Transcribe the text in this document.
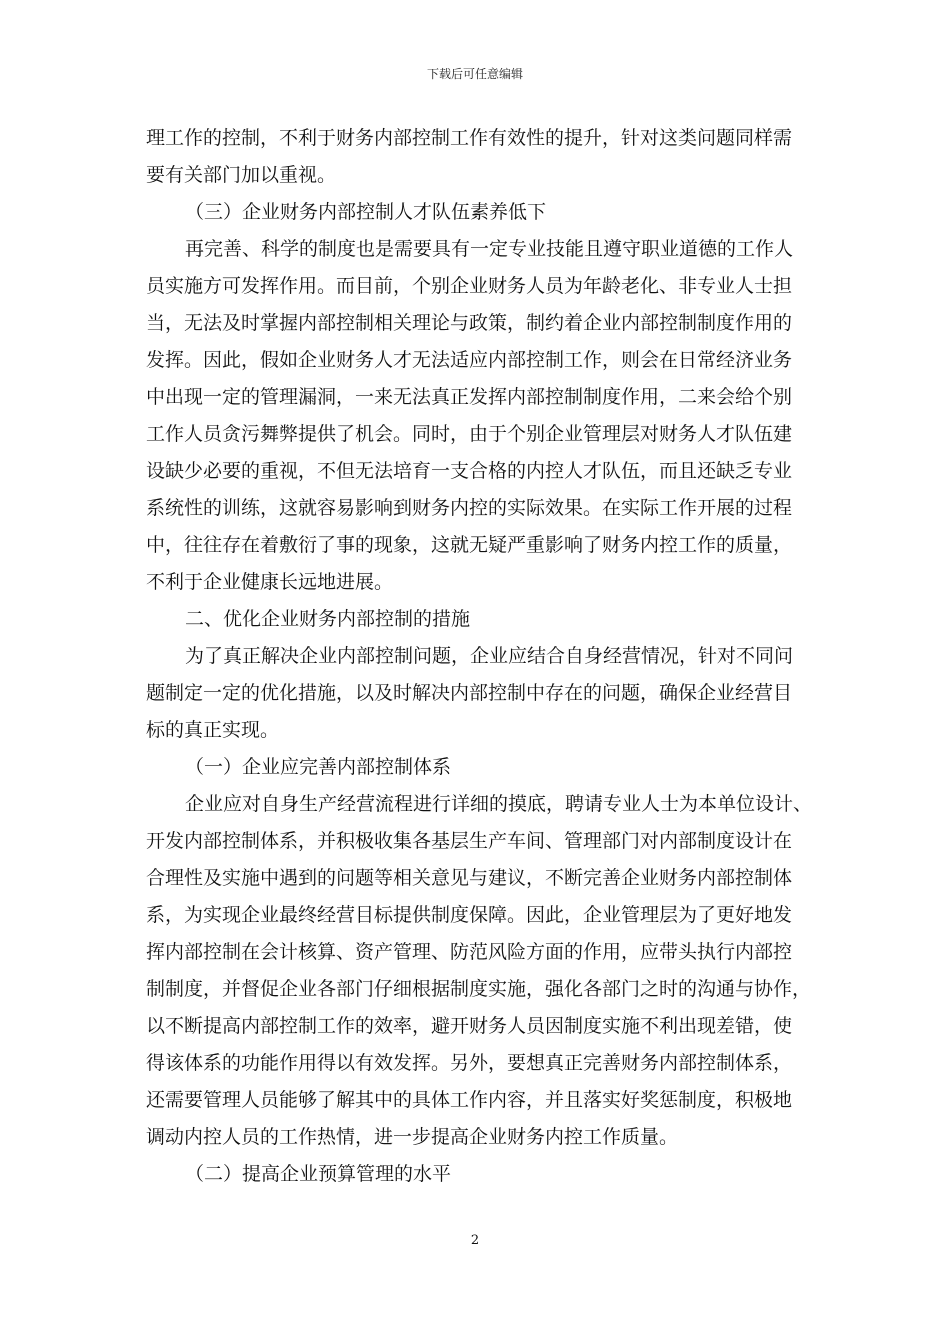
下载后可任意编辑
理工作的控制，不利于财务内部控制工作有效性的提升，针对这类问题同样需
要有关部门加以重视。
（三）企业财务内部控制人才队伍素养低下
再完善、科学的制度也是需要具有一定专业技能且遵守职业道德的工作人
员实施方可发挥作用。而目前，个别企业财务人员为年龄老化、非专业人士担
当，无法及时掌握内部控制相关理论与政策，制约着企业内部控制制度作用的
发挥。因此，假如企业财务人才无法适应内部控制工作，则会在日常经济业务
中出现一定的管理漏洞，一来无法真正发挥内部控制制度作用，二来会给个别
工作人员贪污舞弊提供了机会。同时，由于个别企业管理层对财务人才队伍建
设缺少必要的重视，不但无法培育一支合格的内控人才队伍，而且还缺乏专业
系统性的训练，这就容易影响到财务内控的实际效果。在实际工作开展的过程
中，往往存在着敷衍了事的现象，这就无疑严重影响了财务内控工作的质量，
不利于企业健康长远地进展。
二、优化企业财务内部控制的措施
为了真正解决企业内部控制问题，企业应结合自身经营情况，针对不同问
题制定一定的优化措施，以及时解决内部控制中存在的问题，确保企业经营目
标的真正实现。
（一）企业应完善内部控制体系
企业应对自身生产经营流程进行详细的摸底，聘请专业人士为本单位设计、
开发内部控制体系，并积极收集各基层生产车间、管理部门对内部制度设计在
合理性及实施中遇到的问题等相关意见与建议，不断完善企业财务内部控制体
系，为实现企业最终经营目标提供制度保障。因此，企业管理层为了更好地发
挥内部控制在会计核算、资产管理、防范风险方面的作用，应带头执行内部控
制制度，并督促企业各部门仔细根据制度实施，强化各部门之时的沟通与协作，
以不断提高内部控制工作的效率，避开财务人员因制度实施不利出现差错，使
得该体系的功能作用得以有效发挥。另外，要想真正完善财务内部控制体系，
还需要管理人员能够了解其中的具体工作内容，并且落实好奖惩制度，积极地
调动内控人员的工作热情，进一步提高企业财务内控工作质量。
（二）提高企业预算管理的水平
2
